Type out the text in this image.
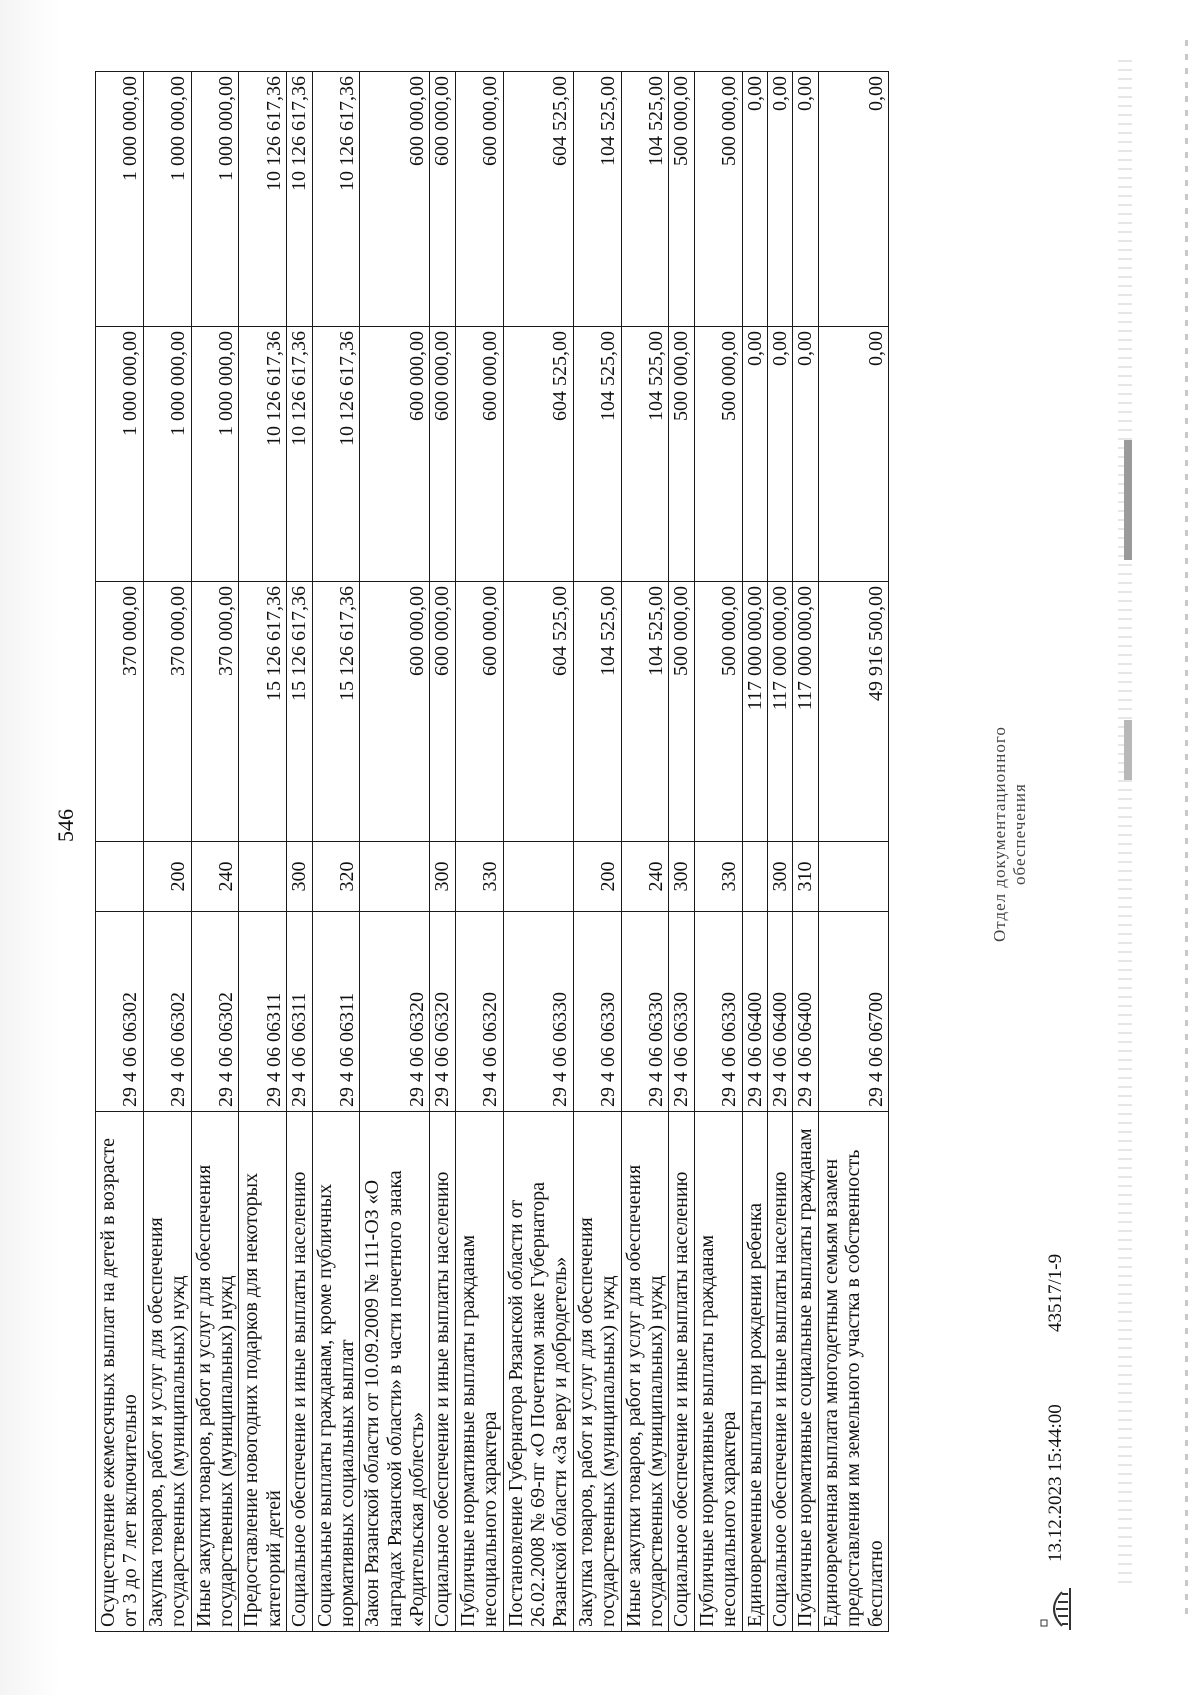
546
Осуществление ежемесячных выплат на детей в возрасте от 3 до 7 лет включительно	29 4 06 06302		370 000,00	1 000 000,00	1 000 000,00
Закупка товаров, работ и услуг для обеспечения государственных (муниципальных) нужд	29 4 06 06302	200	370 000,00	1 000 000,00	1 000 000,00
Иные закупки товаров, работ и услуг для обеспечения государственных (муниципальных) нужд	29 4 06 06302	240	370 000,00	1 000 000,00	1 000 000,00
Предоставление новогодних подарков для некоторых категорий детей	29 4 06 06311		15 126 617,36	10 126 617,36	10 126 617,36
Социальное обеспечение и иные выплаты населению	29 4 06 06311	300	15 126 617,36	10 126 617,36	10 126 617,36
Социальные выплаты гражданам, кроме публичных нормативных социальных выплат	29 4 06 06311	320	15 126 617,36	10 126 617,36	10 126 617,36
Закон Рязанской области от 10.09.2009 № 111-ОЗ «О наградах Рязанской области» в части почетного знака «Родительская доблесть»	29 4 06 06320		600 000,00	600 000,00	600 000,00
Социальное обеспечение и иные выплаты населению	29 4 06 06320	300	600 000,00	600 000,00	600 000,00
Публичные нормативные выплаты гражданам несоциального характера	29 4 06 06320	330	600 000,00	600 000,00	600 000,00
Постановление Губернатора Рязанской области от 26.02.2008 № 69-пг «О Почетном знаке Губернатора Рязанской области «За веру и добродетель»	29 4 06 06330		604 525,00	604 525,00	604 525,00
Закупка товаров, работ и услуг для обеспечения государственных (муниципальных) нужд	29 4 06 06330	200	104 525,00	104 525,00	104 525,00
Иные закупки товаров, работ и услуг для обеспечения государственных (муниципальных) нужд	29 4 06 06330	240	104 525,00	104 525,00	104 525,00
Социальное обеспечение и иные выплаты населению	29 4 06 06330	300	500 000,00	500 000,00	500 000,00
Публичные нормативные выплаты гражданам несоциального характера	29 4 06 06330	330	500 000,00	500 000,00	500 000,00
Единовременные выплаты при рождении ребенка	29 4 06 06400		117 000 000,00	0,00	0,00
Социальное обеспечение и иные выплаты населению	29 4 06 06400	300	117 000 000,00	0,00	0,00
Публичные нормативные социальные выплаты гражданам	29 4 06 06400	310	117 000 000,00	0,00	0,00
Единовременная выплата многодетным семьям взамен предоставления им земельного участка в собственность бесплатно	29 4 06 06700		49 916 500,00	0,00	0,00
13.12.2023 15:44:00
43517/1-9
Отдел документационного обеспечения
